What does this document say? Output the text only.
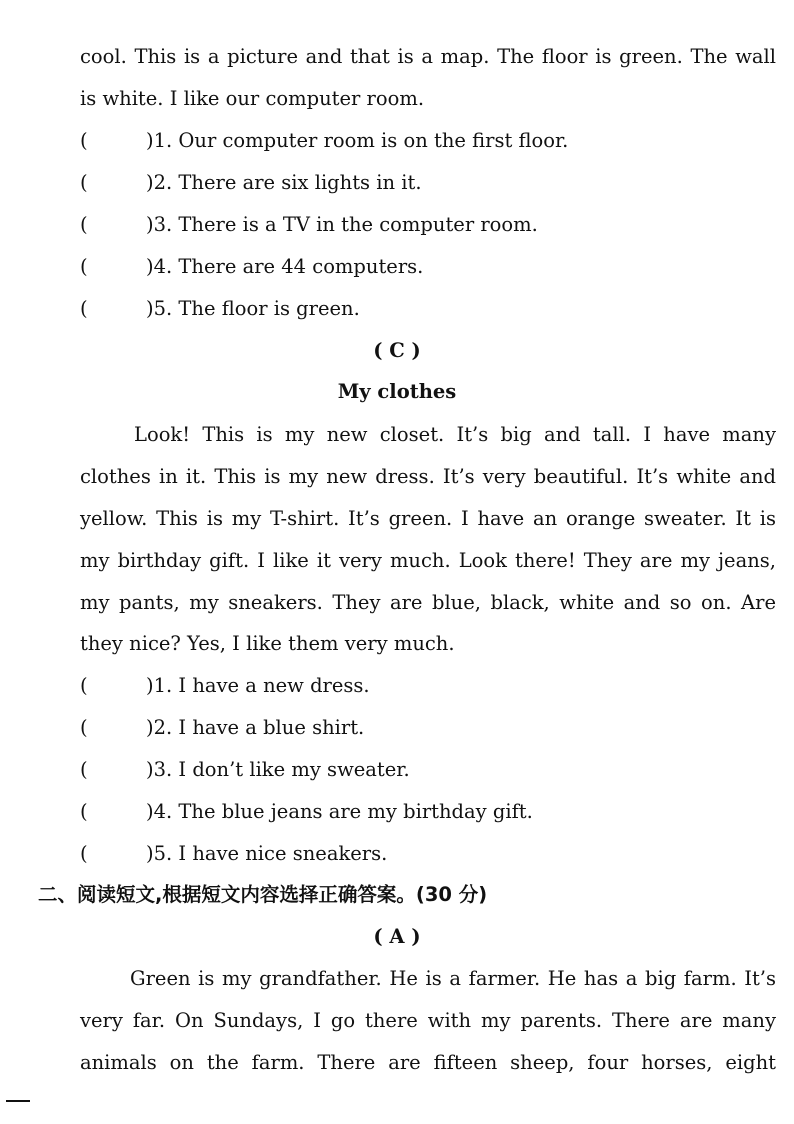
cool. This is a picture and that is a map. The floor is green. The wall
is white. I like our computer room.
(	)1. Our computer room is on the first floor.
(	)2. There are six lights in it.
(	)3. There is a TV in the computer room.
(	)4. There are 44 computers.
(	)5. The floor is green.
( C )
My clothes
Look! This is my new closet. It’s big and tall. I have many
clothes in it. This is my new dress. It’s very beautiful. It’s white and
yellow. This is my T-shirt. It’s green. I have an orange sweater. It is
my birthday gift. I like it very much. Look there! They are my jeans,
my pants, my sneakers. They are blue, black, white and so on. Are
they nice? Yes, I like them very much.
(	)1. I have a new dress.
(	)2. I have a blue shirt.
(	)3. I don’t like my sweater.
(	)4. The blue jeans are my birthday gift.
(	)5. I have nice sneakers.
二、阅读短文,根据短文内容选择正确答案。(30 分)
( A )
Green is my grandfather. He is a farmer. He has a big farm. It’s
very far. On Sundays, I go there with my parents. There are many
animals on the farm. There are fifteen sheep, four horses, eight
